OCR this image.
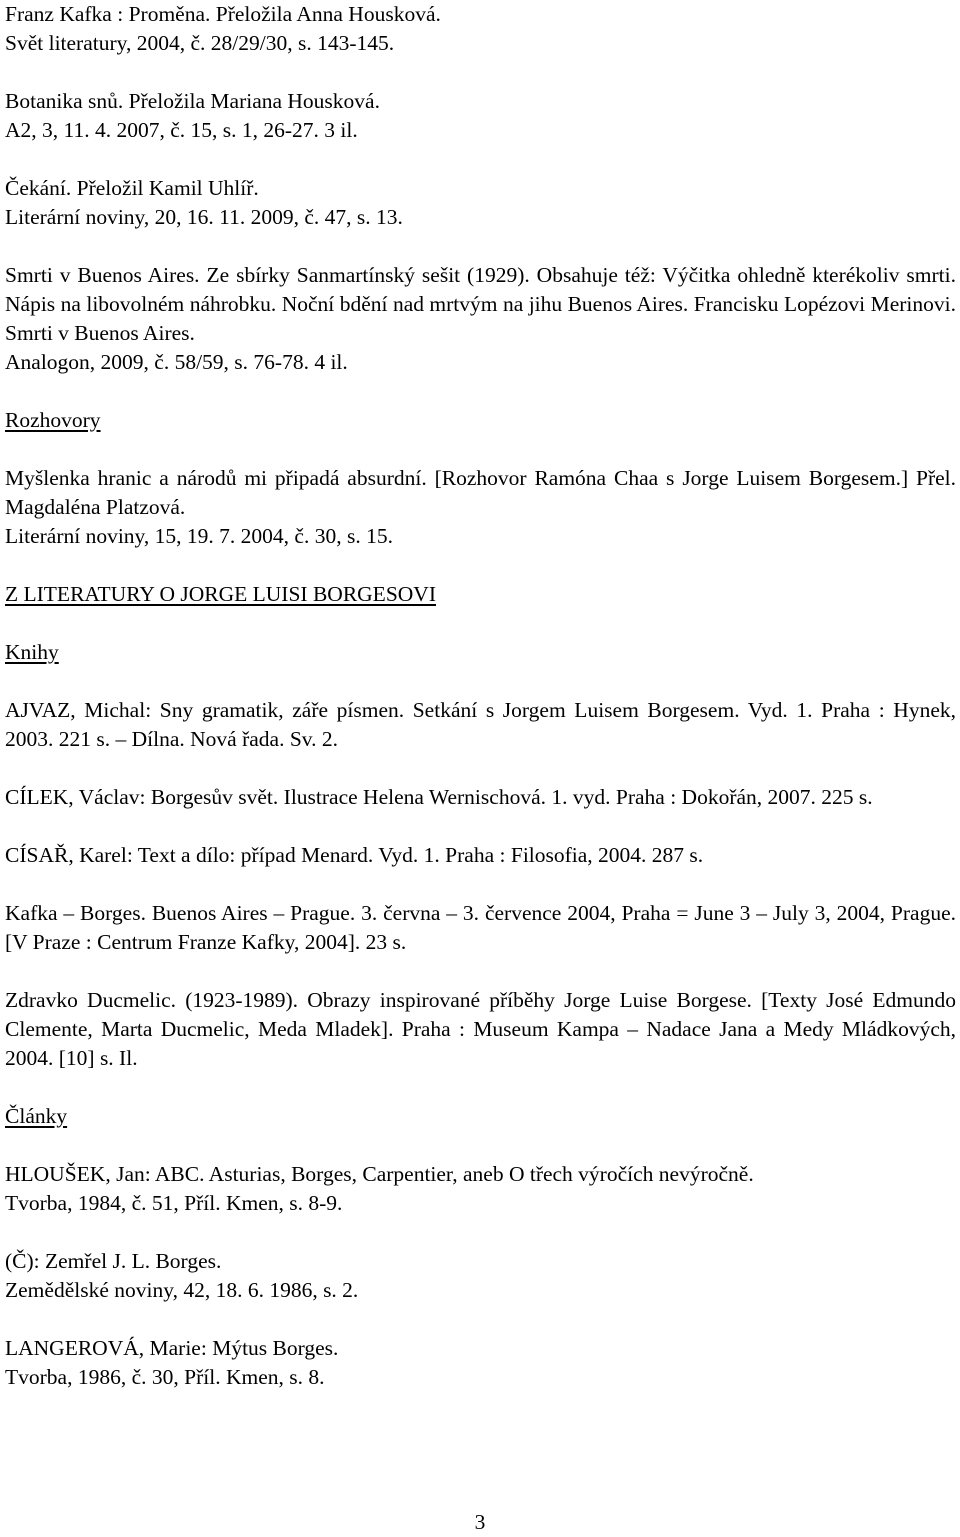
Franz Kafka : Proměna. Přeložila Anna Housková.
Svět literatury, 2004, č. 28/29/30, s. 143-145.
Botanika snů. Přeložila Mariana Housková.
A2, 3, 11. 4. 2007, č. 15, s. 1, 26-27. 3 il.
Čekání. Přeložil Kamil Uhlíř.
Literární noviny, 20, 16. 11. 2009, č. 47, s. 13.
Smrti v Buenos Aires. Ze sbírky Sanmartínský sešit (1929). Obsahuje též: Výčitka ohledně kterékoliv smrti. Nápis na libovolném náhrobku. Noční bdění nad mrtvým na jihu Buenos Aires. Francisku Lopézovi Merinovi. Smrti v Buenos Aires.
Analogon, 2009, č. 58/59, s. 76-78. 4 il.
Rozhovory
Myšlenka hranic a národů mi připadá absurdní. [Rozhovor Ramóna Chaa s Jorge Luisem Borgesem.] Přel. Magdaléna Platzová.
Literární noviny, 15, 19. 7. 2004, č. 30, s. 15.
Z LITERATURY O JORGE LUISI BORGESOVI
Knihy
AJVAZ, Michal: Sny gramatik, záře písmen. Setkání s Jorgem Luisem Borgesem. Vyd. 1. Praha : Hynek, 2003. 221 s. – Dílna. Nová řada. Sv. 2.
CÍLEK, Václav: Borgesův svět. Ilustrace Helena Wernischová. 1. vyd. Praha : Dokořán, 2007. 225 s.
CÍSAŘ, Karel: Text a dílo: případ Menard. Vyd. 1. Praha : Filosofia, 2004. 287 s.
Kafka – Borges. Buenos Aires – Prague. 3. června – 3. července 2004, Praha = June 3 – July 3, 2004, Prague. [V Praze : Centrum Franze Kafky, 2004]. 23 s.
Zdravko Ducmelic. (1923-1989). Obrazy inspirované příběhy Jorge Luise Borgese. [Texty José Edmundo Clemente, Marta Ducmelic, Meda Mladek]. Praha : Museum Kampa – Nadace Jana a Medy Mládkových, 2004. [10] s. Il.
Články
HLOUŠEK, Jan: ABC. Asturias, Borges, Carpentier, aneb O třech výročích nevýročně.
Tvorba, 1984, č. 51, Příl. Kmen, s. 8-9.
(Č): Zemřel J. L. Borges.
Zemědělské noviny, 42, 18. 6. 1986, s. 2.
LANGEROVÁ, Marie: Mýtus Borges.
Tvorba, 1986, č. 30, Příl. Kmen, s. 8.
3
